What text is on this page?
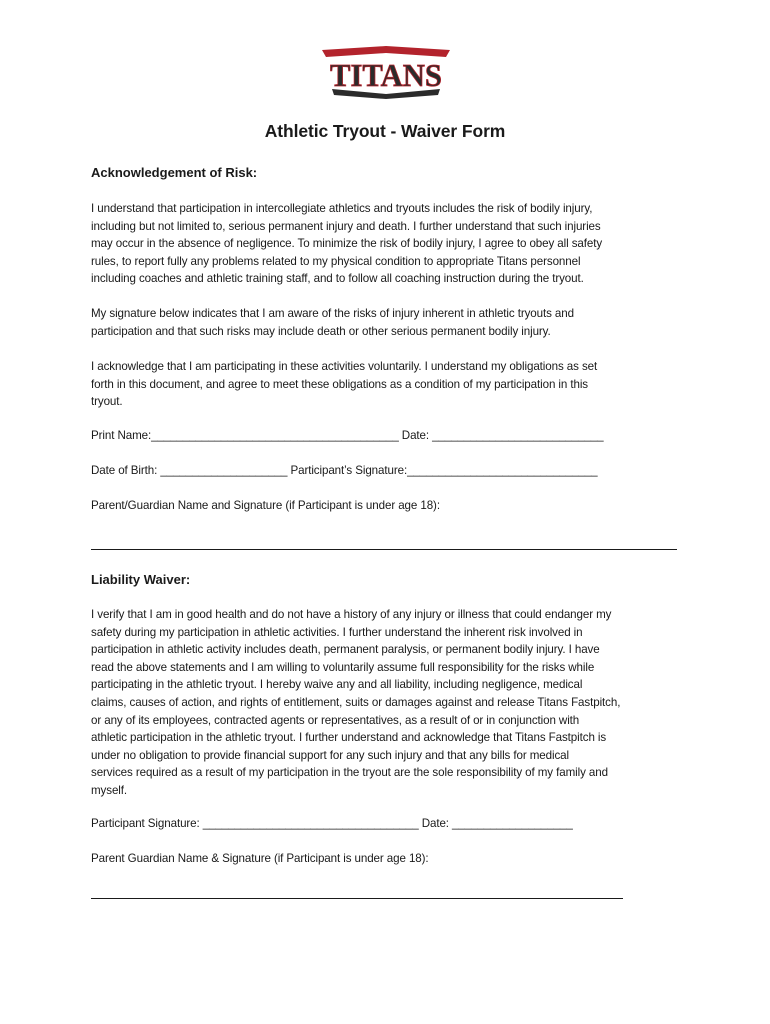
TITANS
Athletic Tryout - Waiver Form
Acknowledgement of Risk:
I understand that participation in intercollegiate athletics and tryouts includes the risk of bodily injury,
including but not limited to, serious permanent injury and death. I further understand that such injuries
may occur in the absence of negligence. To minimize the risk of bodily injury, I agree to obey all safety
rules, to report fully any problems related to my physical condition to appropriate Titans personnel
including coaches and athletic training staff, and to follow all coaching instruction during the tryout.
My signature below indicates that I am aware of the risks of injury inherent in athletic tryouts and
participation and that such risks may include death or other serious permanent bodily injury.
I acknowledge that I am participating in these activities voluntarily. I understand my obligations as set
forth in this document, and agree to meet these obligations as a condition of my participation in this
tryout.
Print Name:_______________________________________ Date: ___________________________
Date of Birth: ____________________ Participant’s Signature:______________________________
Parent/Guardian Name and Signature (if Participant is under age 18):
Liability Waiver:
I verify that I am in good health and do not have a history of any injury or illness that could endanger my
safety during my participation in athletic activities. I further understand the inherent risk involved in
participation in athletic activity includes death, permanent paralysis, or permanent bodily injury. I have
read the above statements and I am willing to voluntarily assume full responsibility for the risks while
participating in the athletic tryout. I hereby waive any and all liability, including negligence, medical
claims, causes of action, and rights of entitlement, suits or damages against and release Titans Fastpitch,
or any of its employees, contracted agents or representatives, as a result of or in conjunction with
athletic participation in the athletic tryout. I further understand and acknowledge that Titans Fastpitch is
under no obligation to provide financial support for any such injury and that any bills for medical
services required as a result of my participation in the tryout are the sole responsibility of my family and
myself.
Participant Signature: __________________________________ Date: ___________________
Parent Guardian Name & Signature (if Participant is under age 18):
